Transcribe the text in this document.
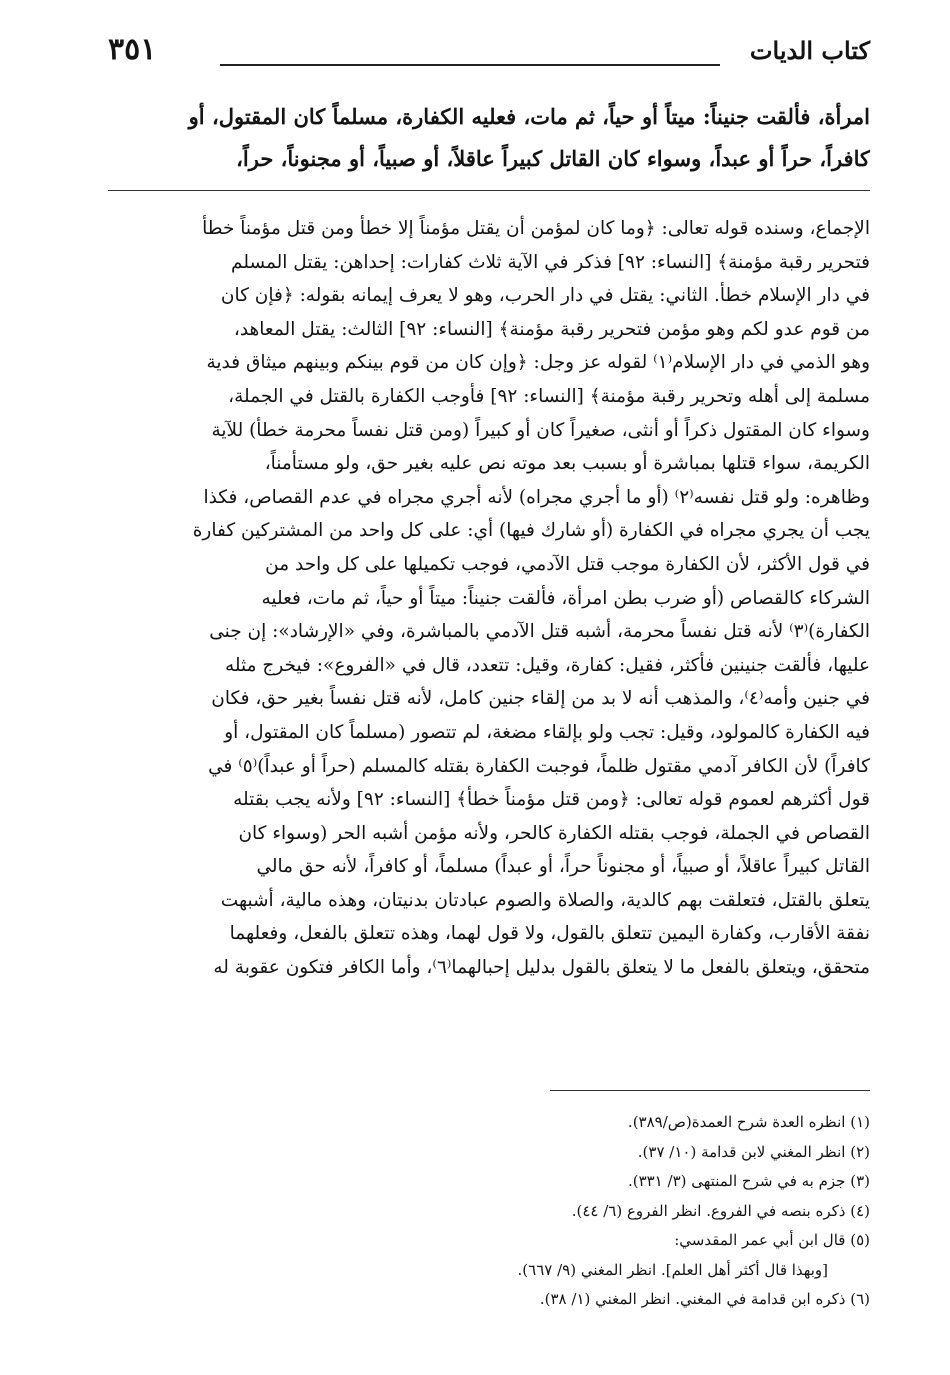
كتاب الديات
٣٥١
امرأة، فألقت جنيناً: ميتاً أو حياً، ثم مات، فعليه الكفارة، مسلماً كان المقتول، أو
كافراً، حراً أو عبداً، وسواء كان القاتل كبيراً عاقلاً، أو صبياً، أو مجنوناً، حراً،
الإجماع، وسنده قوله تعالى: ﴿وما كان لمؤمن أن يقتل مؤمناً إلا خطأ ومن قتل مؤمناً خطأ
فتحرير رقبة مؤمنة﴾ [النساء: ٩٢] فذكر في الآية ثلاث كفارات: إحداهن: يقتل المسلم
في دار الإسلام خطأ. الثاني: يقتل في دار الحرب، وهو لا يعرف إيمانه بقوله: ﴿فإن كان
من قوم عدو لكم وهو مؤمن فتحرير رقبة مؤمنة﴾ [النساء: ٩٢] الثالث: يقتل المعاهد،
وهو الذمي في دار الإسلام⁽١⁾ لقوله عز وجل: ﴿وإن كان من قوم بينكم وبينهم ميثاق فدية
مسلمة إلى أهله وتحرير رقبة مؤمنة﴾ [النساء: ٩٢] فأوجب الكفارة بالقتل في الجملة،
وسواء كان المقتول ذكراً أو أنثى، صغيراً كان أو كبيراً (ومن قتل نفساً محرمة خطأ) للآية
الكريمة، سواء قتلها بمباشرة أو بسبب بعد موته نص عليه بغير حق، ولو مستأمناً،
وظاهره: ولو قتل نفسه⁽٢⁾ (أو ما أجري مجراه) لأنه أجري مجراه في عدم القصاص، فكذا
يجب أن يجري مجراه في الكفارة (أو شارك فيها) أي: على كل واحد من المشتركين كفارة
في قول الأكثر، لأن الكفارة موجب قتل الآدمي، فوجب تكميلها على كل واحد من
الشركاء كالقصاص (أو ضرب بطن امرأة، فألقت جنيناً: ميتاً أو حياً، ثم مات، فعليه
الكفارة)⁽٣⁾ لأنه قتل نفساً محرمة، أشبه قتل الآدمي بالمباشرة، وفي «الإرشاد»: إن جنى
عليها، فألقت جنينين فأكثر، فقيل: كفارة، وقيل: تتعدد، قال في «الفروع»: فيخرج مثله
في جنين وأمه⁽٤⁾، والمذهب أنه لا بد من إلقاء جنين كامل، لأنه قتل نفساً بغير حق، فكان
فيه الكفارة كالمولود، وقيل: تجب ولو بإلقاء مضغة، لم تتصور (مسلماً كان المقتول، أو
كافراً) لأن الكافر آدمي مقتول ظلماً، فوجبت الكفارة بقتله كالمسلم (حراً أو عبداً)⁽٥⁾ في
قول أكثرهم لعموم قوله تعالى: ﴿ومن قتل مؤمناً خطأ﴾ [النساء: ٩٢] ولأنه يجب بقتله
القصاص في الجملة، فوجب بقتله الكفارة كالحر، ولأنه مؤمن أشبه الحر (وسواء كان
القاتل كبيراً عاقلاً، أو صبياً، أو مجنوناً حراً، أو عبداً) مسلماً، أو كافراً، لأنه حق مالي
يتعلق بالقتل، فتعلقت بهم كالدية، والصلاة والصوم عبادتان بدنيتان، وهذه مالية، أشبهت
نفقة الأقارب، وكفارة اليمين تتعلق بالقول، ولا قول لهما، وهذه تتعلق بالفعل، وفعلهما
متحقق، ويتعلق بالفعل ما لا يتعلق بالقول بدليل إحبالهما⁽٦⁾، وأما الكافر فتكون عقوبة له
(١) انظره العدة شرح العمدة(ص/٣٨٩).
(٢) انظر المغني لابن قدامة (١٠/ ٣٧).
(٣) جزم به في شرح المنتهى (٣/ ٣٣١).
(٤) ذكره بنصه في الفروع. انظر الفروع (٦/ ٤٤).
(٥) قال ابن أبي عمر المقدسي:
[وبهذا قال أكثر أهل العلم]. انظر المغني (٩/ ٦٦٧).
(٦) ذكره ابن قدامة في المغني. انظر المغني (١/ ٣٨).
